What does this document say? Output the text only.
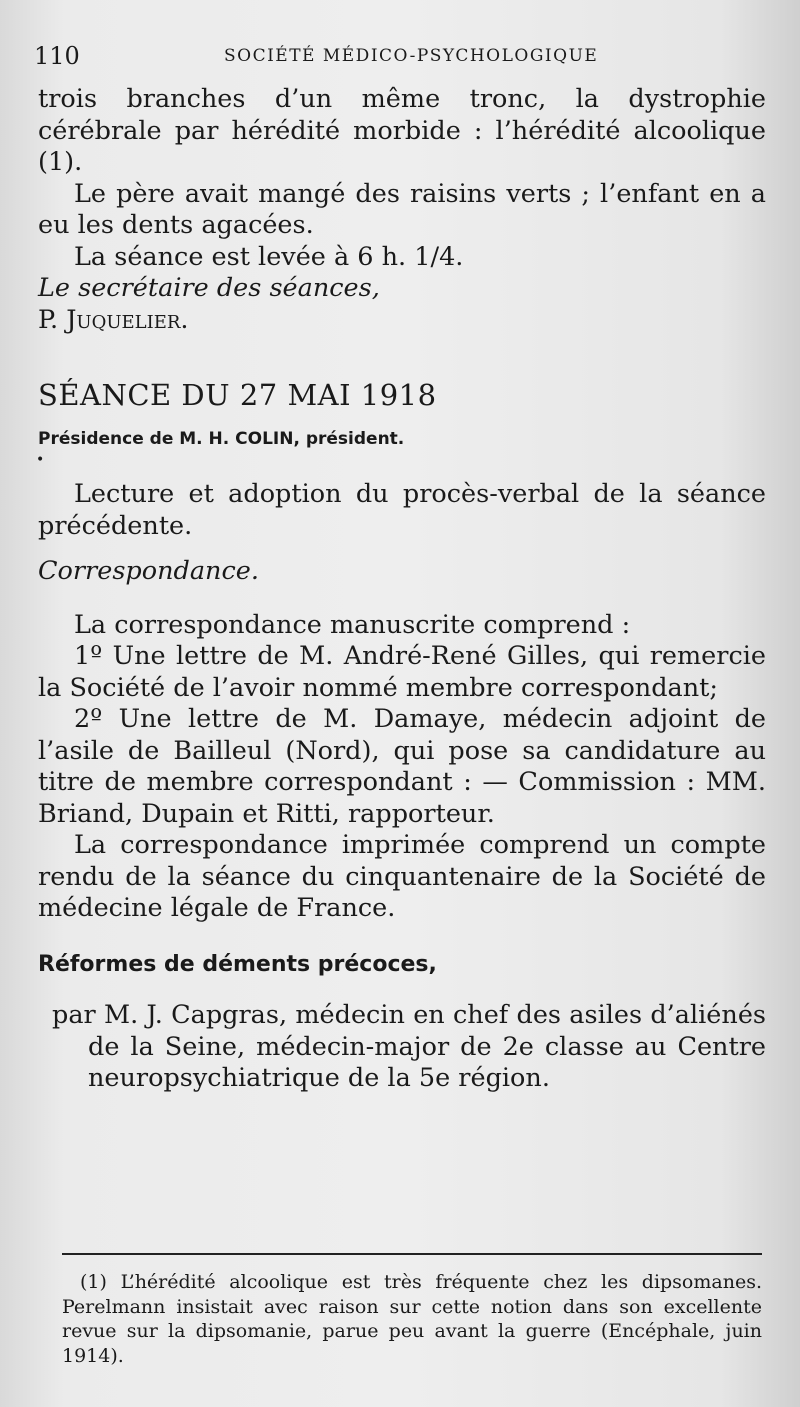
110	SOCIÉTÉ MÉDICO-PSYCHOLOGIQUE
•

trois branches d’un même tronc, la dystrophie cérébrale par hérédité morbide : l’hérédité alcoolique (1).

Le père avait mangé des raisins verts ; l’enfant en a eu les dents agacées.

La séance est levée à 6 h. 1/4.

Le secrétaire des séances,

P. Juquelier.

SÉANCE DU 27 MAI 1918

Présidence de M. H. COLIN, président.

Lecture et adoption du procès-verbal de la séance précédente.

Correspondance.

La correspondance manuscrite comprend :

1º Une lettre de M. André-René Gilles, qui remercie la Société de l’avoir nommé membre correspondant;

2º Une lettre de M. Damaye, médecin adjoint de l’asile de Bailleul (Nord), qui pose sa candidature au titre de membre correspondant : — Commission : MM. Briand, Dupain et Ritti, rapporteur.

La correspondance imprimée comprend un compte rendu de la séance du cinquantenaire de la Société de médecine légale de France.

Réformes de déments précoces,

par M. J. Capgras, médecin en chef des asiles d’aliénés de la Seine, médecin-major de 2e classe au Centre neuropsychiatrique de la 5e région.

(1) L’hérédité alcoolique est très fréquente chez les dipsomanes. Perelmann insistait avec raison sur cette notion dans son excellente revue sur la dipsomanie, parue peu avant la guerre (Encéphale, juin 1914).
